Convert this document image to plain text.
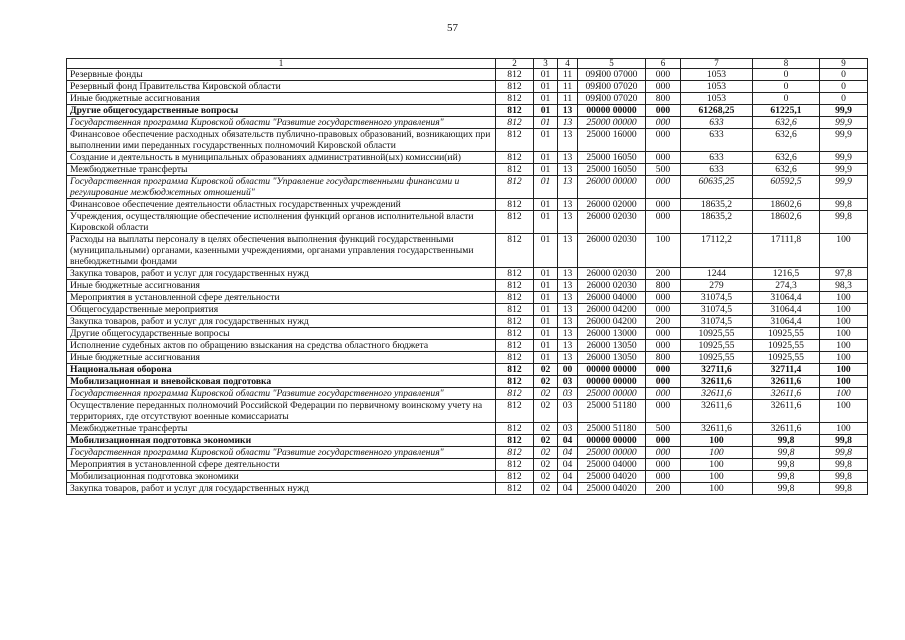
57
1	2	3	4	5	6	7	8	9
Резервные фонды	812	01	11	09Я00 07000	000	1053	0	0
Резервный фонд Правительства Кировской области	812	01	11	09Я00 07020	000	1053	0	0
Иные бюджетные ассигнования	812	01	11	09Я00 07020	800	1053	0	0
Другие общегосударственные вопросы	812	01	13	00000 00000	000	61268,25	61225,1	99,9
Государственная программа Кировской области "Развитие государственного управления"	812	01	13	25000 00000	000	633	632,6	99,9
Финансовое обеспечение расходных обязательств публично-правовых образований, возникающих при выполнении ими переданных государственных полномочий Кировской области	812	01	13	25000 16000	000	633	632,6	99,9
Создание и деятельность в муниципальных образованиях административной(ых) комиссии(ий)	812	01	13	25000 16050	000	633	632,6	99,9
Межбюджетные трансферты	812	01	13	25000 16050	500	633	632,6	99,9
Государственная программа Кировской области "Управление государственными финансами и регулирование межбюджетных отношений"	812	01	13	26000 00000	000	60635,25	60592,5	99,9
Финансовое обеспечение деятельности областных государственных учреждений	812	01	13	26000 02000	000	18635,2	18602,6	99,8
Учреждения, осуществляющие обеспечение исполнения функций органов исполнительной власти Кировской области	812	01	13	26000 02030	000	18635,2	18602,6	99,8
Расходы на выплаты персоналу в целях обеспечения выполнения функций государственными (муниципальными) органами, казенными учреждениями, органами управления государственными внебюджетными фондами	812	01	13	26000 02030	100	17112,2	17111,8	100
Закупка товаров, работ и услуг для государственных нужд	812	01	13	26000 02030	200	1244	1216,5	97,8
Иные бюджетные ассигнования	812	01	13	26000 02030	800	279	274,3	98,3
Мероприятия в установленной сфере деятельности	812	01	13	26000 04000	000	31074,5	31064,4	100
Общегосударственные мероприятия	812	01	13	26000 04200	000	31074,5	31064,4	100
Закупка товаров, работ и услуг для государственных нужд	812	01	13	26000 04200	200	31074,5	31064,4	100
Другие общегосударственные вопросы	812	01	13	26000 13000	000	10925,55	10925,55	100
Исполнение судебных актов по обращению взыскания на средства областного бюджета	812	01	13	26000 13050	000	10925,55	10925,55	100
Иные бюджетные ассигнования	812	01	13	26000 13050	800	10925,55	10925,55	100
Национальная оборона	812	02	00	00000 00000	000	32711,6	32711,4	100
Мобилизационная и вневойсковая подготовка	812	02	03	00000 00000	000	32611,6	32611,6	100
Государственная программа Кировской области "Развитие государственного управления"	812	02	03	25000 00000	000	32611,6	32611,6	100
Осуществление переданных полномочий Российской Федерации по первичному воинскому учету на территориях, где отсутствуют военные комиссариаты	812	02	03	25000 51180	000	32611,6	32611,6	100
Межбюджетные трансферты	812	02	03	25000 51180	500	32611,6	32611,6	100
Мобилизационная подготовка экономики	812	02	04	00000 00000	000	100	99,8	99,8
Государственная программа Кировской области "Развитие государственного управления"	812	02	04	25000 00000	000	100	99,8	99,8
Мероприятия в установленной сфере деятельности	812	02	04	25000 04000	000	100	99,8	99,8
Мобилизационная подготовка экономики	812	02	04	25000 04020	000	100	99,8	99,8
Закупка товаров, работ и услуг для государственных нужд	812	02	04	25000 04020	200	100	99,8	99,8
